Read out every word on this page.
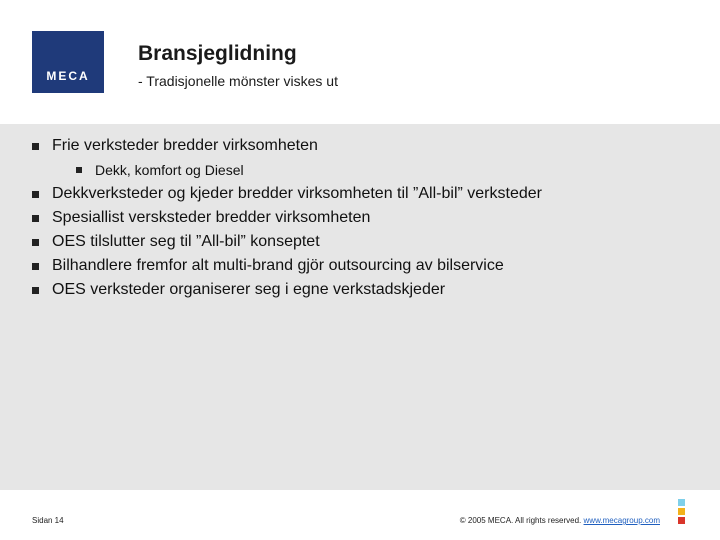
MECA
Bransjeglidning
- Tradisjonelle mönster viskes ut
Frie verksteder bredder virksomheten
Dekk, komfort og Diesel
Dekkverksteder og kjeder bredder virksomheten til ”All-bil” verksteder
Spesiallist versksteder bredder virksomheten
OES tilslutter seg til ”All-bil” konseptet
Bilhandlere fremfor alt multi-brand gjör outsourcing av bilservice
OES verksteder organiserer seg i egne verkstadskjeder
Sidan 14	© 2005 MECA. All rights reserved. www.mecagroup.com
